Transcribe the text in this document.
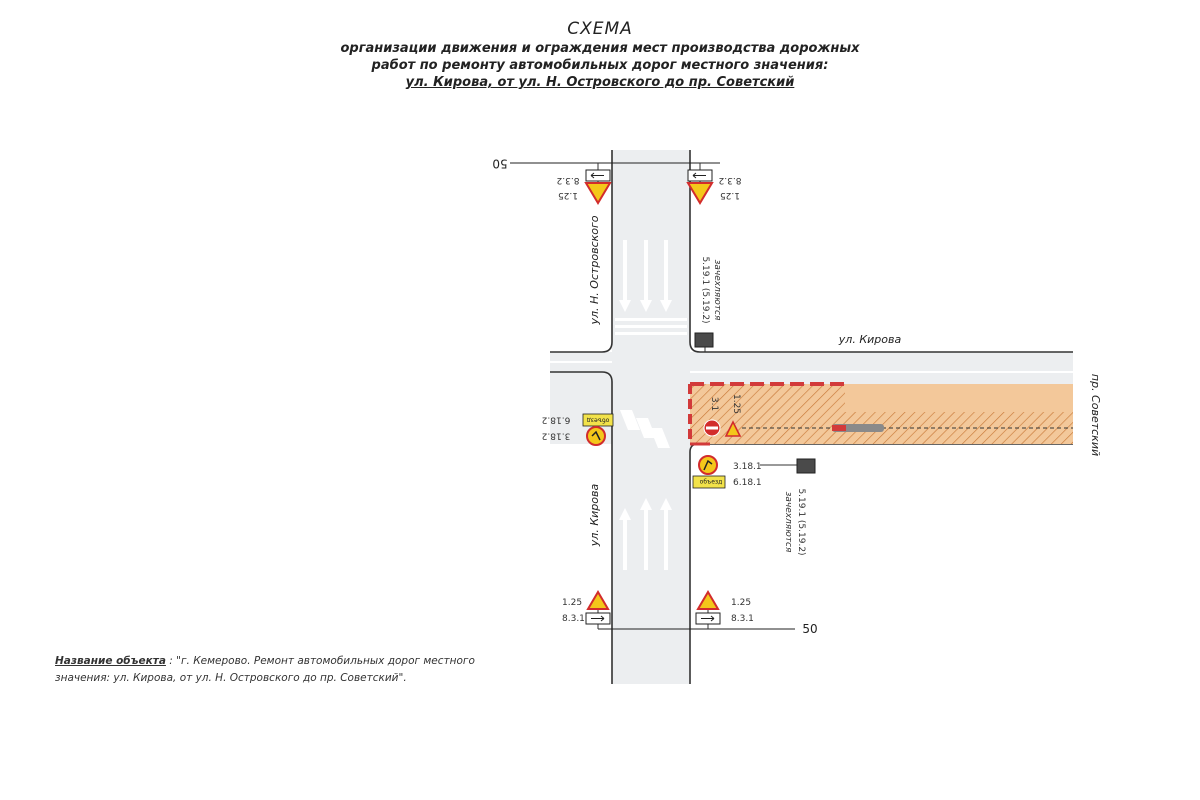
СХЕМА
организации движения и ограждения мест производства дорожных
работ по ремонту автомобильных дорог местного значения:
ул. Кирова, от ул. Н. Островского до пр. Советский
50
50
8.3.2
1.25
8.3.2
1.25
5.19.1 (5.19.2) зачехляются
объезд
6.18.2
3.18.2
3.1 1.25
объезд
3.18.1
6.18.1
5.19.1 (5.19.2)
зачехляются
1.25
8.3.1
1.25
8.3.1
ул. Н. Островского
ул. Кирова
ул. Кирова
пр. Советский
Название объекта : "г. Кемерово. Ремонт автомобильных дорог местного значения: ул. Кирова, от ул. Н. Островского до пр. Советский".
